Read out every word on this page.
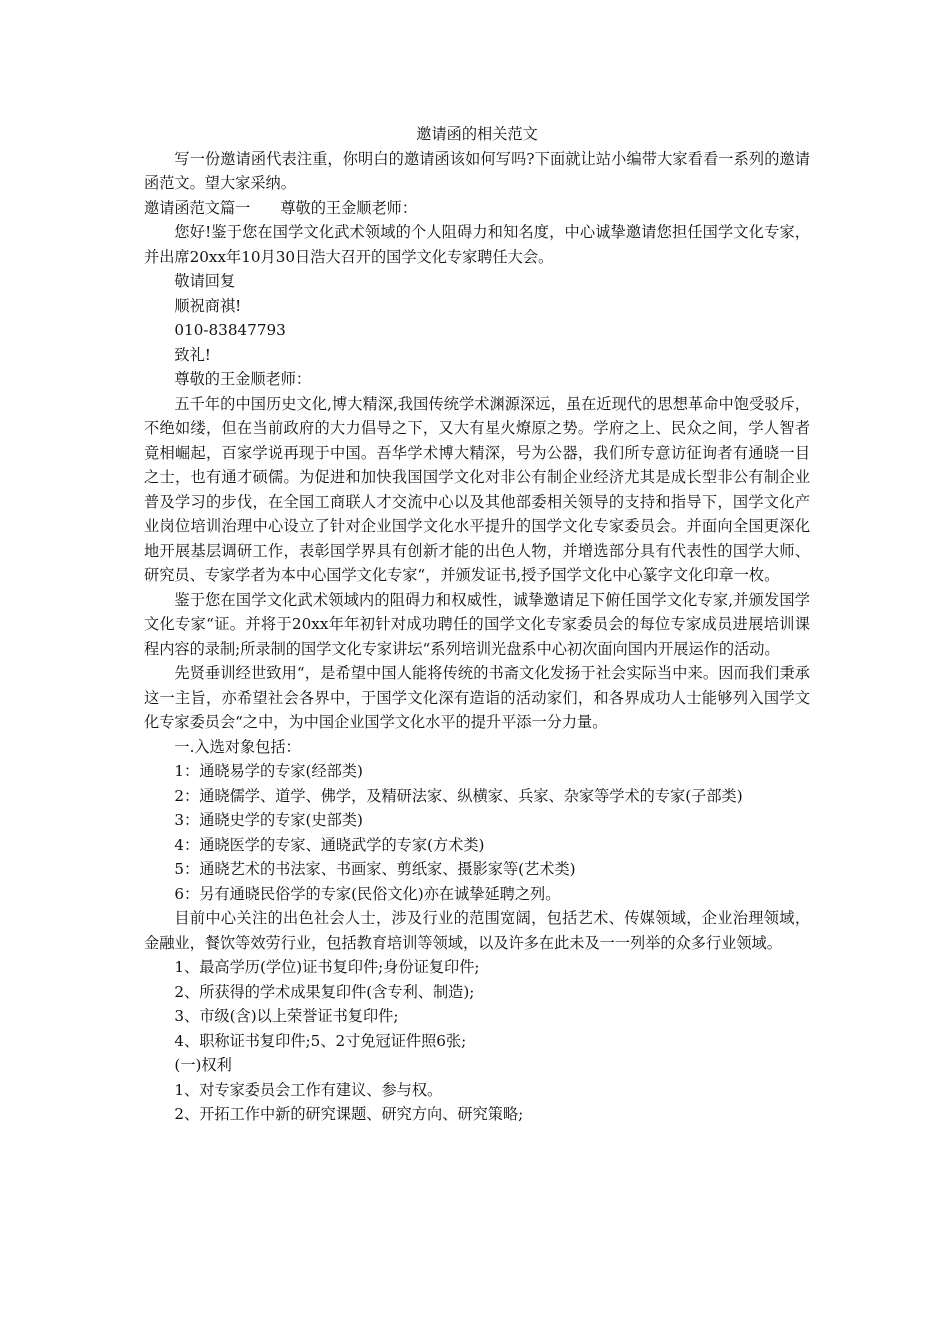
邀请函的相关范文

写一份邀请函代表注重，你明白的邀请函该如何写吗?下面就让站小编带大家看看一系列的邀请函范文。望大家采纳。

邀请函范文篇一 尊敬的王金顺老师：

您好!鉴于您在国学文化武术领域的个人阻碍力和知名度，中心诚挚邀请您担任国学文化专家，并出席20xx年10月30日浩大召开的国学文化专家聘任大会。

敬请回复

顺祝商祺!

010-83847793

致礼!

尊敬的王金顺老师：

五千年的中国历史文化,博大精深,我国传统学术渊源深远，虽在近现代的思想革命中饱受驳斥，不绝如缕，但在当前政府的大力倡导之下，又大有星火燎原之势。学府之上、民众之间，学人智者竟相崛起，百家学说再现于中国。吾华学术博大精深，号为公器，我们所专意访征询者有通晓一目之士，也有通才硕儒。为促进和加快我国国学文化对非公有制企业经济尤其是成长型非公有制企业普及学习的步伐，在全国工商联人才交流中心以及其他部委相关领导的支持和指导下，国学文化产业岗位培训治理中心设立了针对企业国学文化水平提升的国学文化专家委员会。并面向全国更深化地开展基层调研工作，表彰国学界具有创新才能的出色人物，并增选部分具有代表性的国学大师、研究员、专家学者为本中心国学文化专家“，并颁发证书,授予国学文化中心篆字文化印章一枚。

鉴于您在国学文化武术领域内的阻碍力和权威性，诚挚邀请足下俯任国学文化专家,并颁发国学文化专家“证。并将于20xx年年初针对成功聘任的国学文化专家委员会的每位专家成员进展培训课程内容的录制;所录制的国学文化专家讲坛“系列培训光盘系中心初次面向国内开展运作的活动。

先贤垂训经世致用“，是希望中国人能将传统的书斋文化发扬于社会实际当中来。因而我们秉承这一主旨，亦希望社会各界中，于国学文化深有造诣的活动家们，和各界成功人士能够列入国学文化专家委员会“之中，为中国企业国学文化水平的提升平添一分力量。

一.入选对象包括：

1：通晓易学的专家(经部类)

2：通晓儒学、道学、佛学，及精研法家、纵横家、兵家、杂家等学术的专家(子部类)

3：通晓史学的专家(史部类)

4：通晓医学的专家、通晓武学的专家(方术类)

5：通晓艺术的书法家、书画家、剪纸家、摄影家等(艺术类)

6：另有通晓民俗学的专家(民俗文化)亦在诚挚延聘之列。

目前中心关注的出色社会人士，涉及行业的范围宽阔，包括艺术、传媒领域，企业治理领域，金融业，餐饮等效劳行业，包括教育培训等领域，以及许多在此未及一一列举的众多行业领域。

1、最高学历(学位)证书复印件;身份证复印件;

2、所获得的学术成果复印件(含专利、制造);

3、市级(含)以上荣誉证书复印件;

4、职称证书复印件;5、2寸免冠证件照6张;

(一)权利

1、对专家委员会工作有建议、参与权。

2、开拓工作中新的研究课题、研究方向、研究策略;
